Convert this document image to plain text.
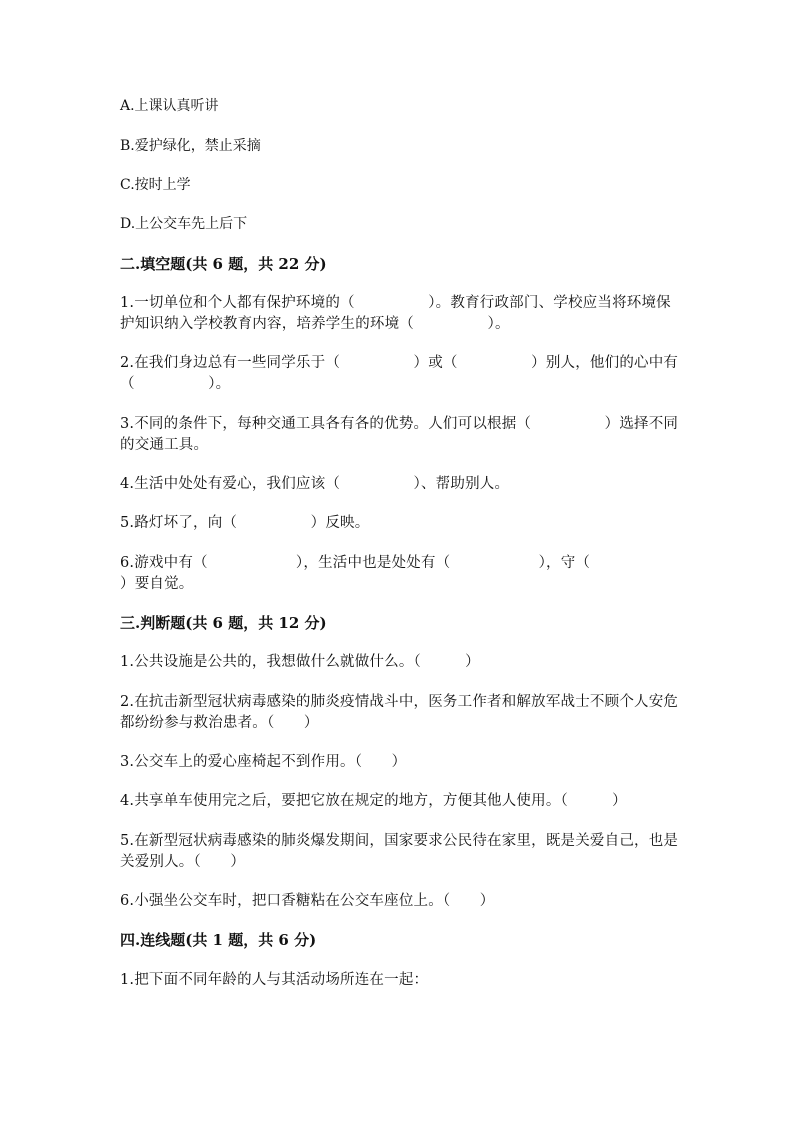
A.上课认真听讲
B.爱护绿化，禁止采摘
C.按时上学
D.上公交车先上后下
二.填空题(共 6 题，共 22 分)
1.一切单位和个人都有保护环境的（　　　　　）。教育行政部门、学校应当将环境保护知识纳入学校教育内容，培养学生的环境（　　　　　）。
2.在我们身边总有一些同学乐于（　　　　　）或（　　　　　）别人，他们的心中有（　　　　　）。
3.不同的条件下，每种交通工具各有各的优势。人们可以根据（　　　　　）选择不同的交通工具。
4.生活中处处有爱心，我们应该（　　　　　）、帮助别人。
5.路灯坏了，向（　　　　　）反映。
6.游戏中有（　　　　　　），生活中也是处处有（　　　　　　），守（　　　　　　）要自觉。
三.判断题(共 6 题，共 12 分)
1.公共设施是公共的，我想做什么就做什么。（　　　）
2.在抗击新型冠状病毒感染的肺炎疫情战斗中，医务工作者和解放军战士不顾个人安危都纷纷参与救治患者。（　　）
3.公交车上的爱心座椅起不到作用。（　　）
4.共享单车使用完之后，要把它放在规定的地方，方便其他人使用。（　　　）
5.在新型冠状病毒感染的肺炎爆发期间，国家要求公民待在家里，既是关爱自己，也是关爱别人。（　　）
6.小强坐公交车时，把口香糖粘在公交车座位上。（　　）
四.连线题(共 1 题，共 6 分)
1.把下面不同年龄的人与其活动场所连在一起：
